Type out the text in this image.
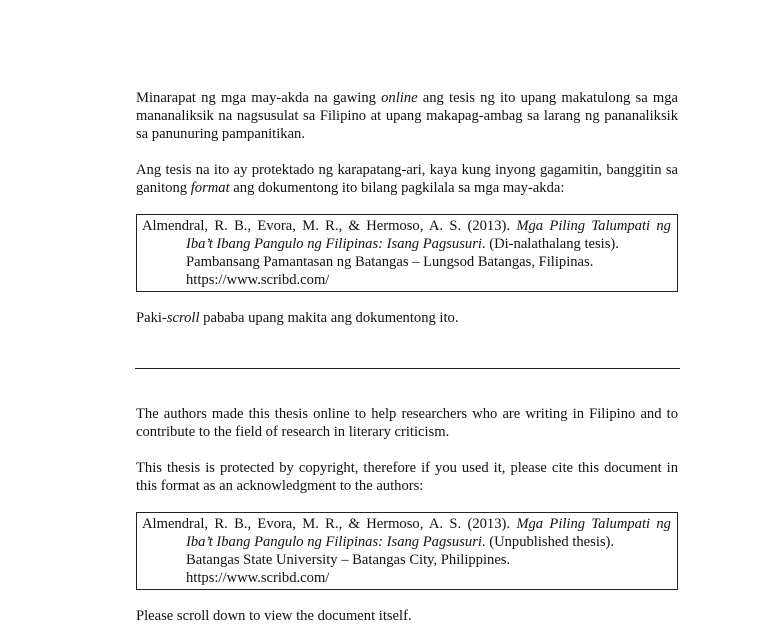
Minarapat ng mga may-akda na gawing online ang tesis ng ito upang makatulong sa mga mananaliksik na nagsusulat sa Filipino at upang makapag-ambag sa larang ng pananaliksik sa panunuring pampanitikan.

Ang tesis na ito ay protektado ng karapatang-ari, kaya kung inyong gagamitin, banggitin sa ganitong format ang dokumentong ito bilang pagkilala sa mga may-akda:

Almendral, R. B., Evora, M. R., & Hermoso, A. S. (2013). Mga Piling Talumpati ng
Iba’t Ibang Pangulo ng Filipinas: Isang Pagsusuri. (Di-nalathalang tesis).
Pambansang Pamantasan ng Batangas – Lungsod Batangas, Filipinas.
https://www.scribd.com/

Paki-scroll pababa upang makita ang dokumentong ito.

The authors made this thesis online to help researchers who are writing in Filipino and to contribute to the field of research in literary criticism.

This thesis is protected by copyright, therefore if you used it, please cite this document in this format as an acknowledgment to the authors:

Almendral, R. B., Evora, M. R., & Hermoso, A. S. (2013). Mga Piling Talumpati ng
Iba’t Ibang Pangulo ng Filipinas: Isang Pagsusuri. (Unpublished thesis).
Batangas State University – Batangas City, Philippines.
https://www.scribd.com/

Please scroll down to view the document itself.
